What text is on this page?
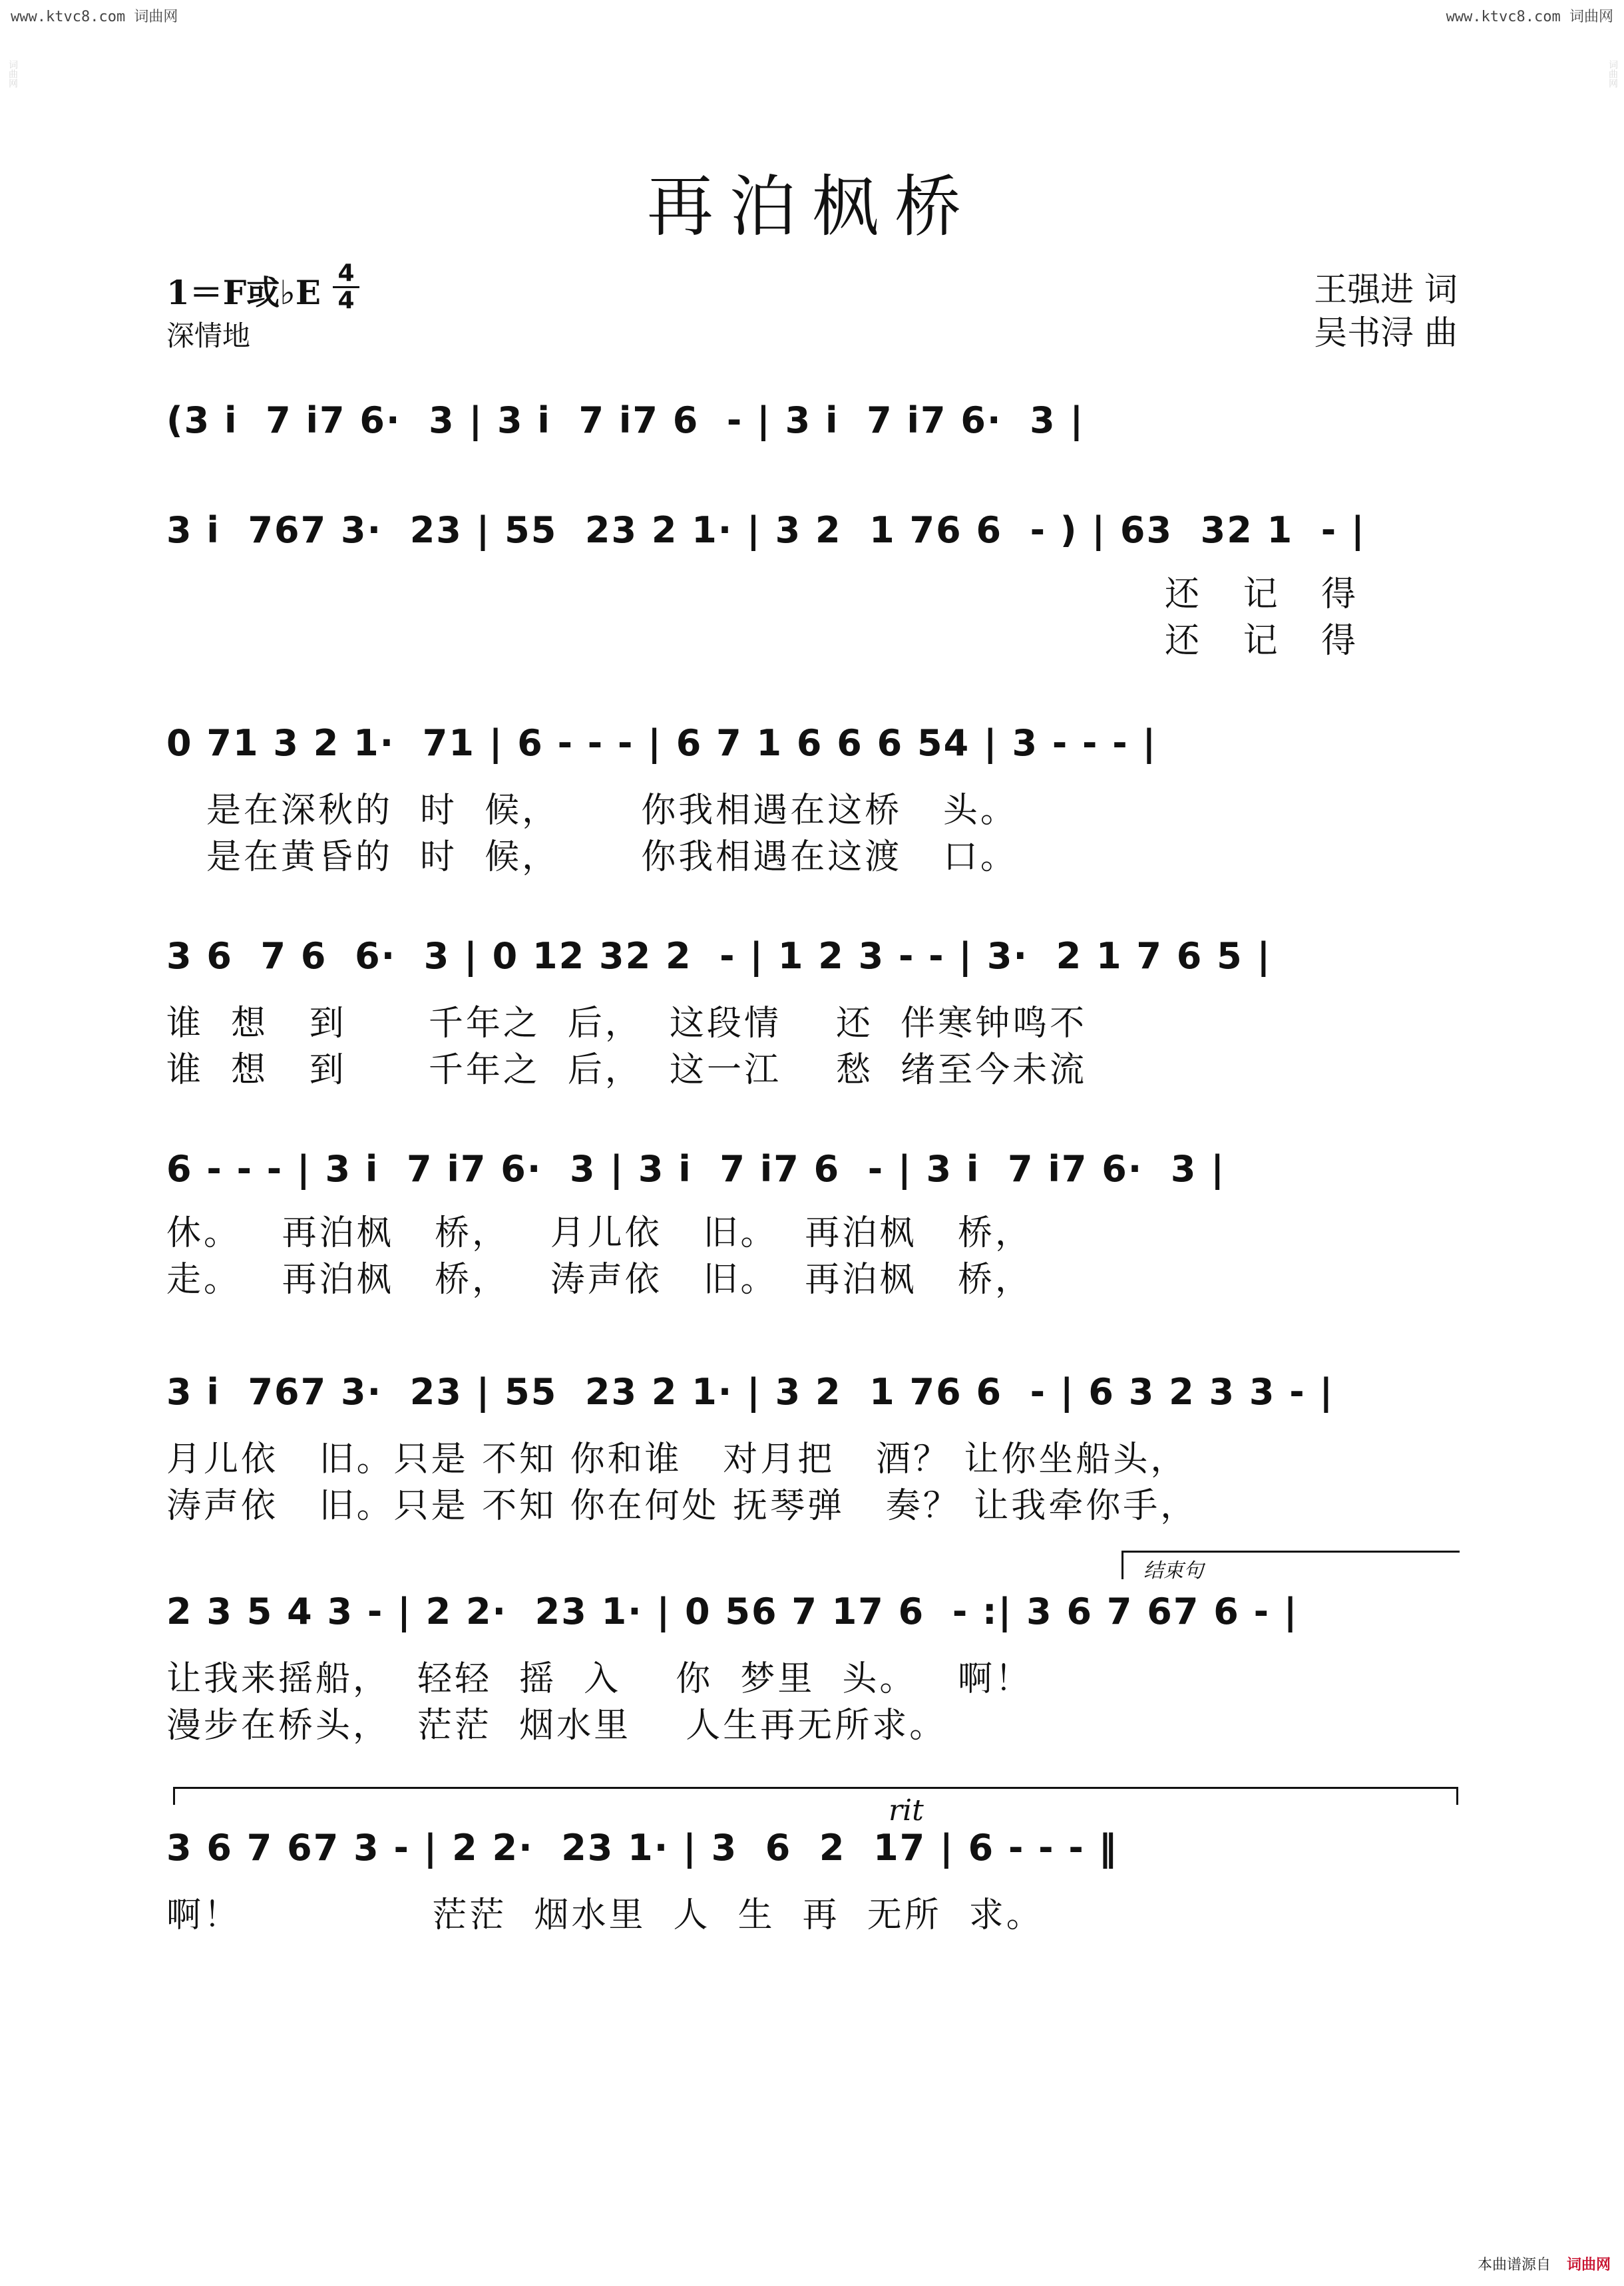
www.ktvc8.com 词曲网	www.ktvc8.com 词曲网
词曲网	词曲网
再泊枫桥
1＝F或♭E 4
4
深情地
王强进 词
吴书浔 曲
(3 i  7 i7 6·  3 | 3 i  7 i7 6  - | 3 i  7 i7 6·  3 |
3 i  767 3·  23 | 55  23 2 1· | 3 2  1 76 6  - ) | 63  32 1  - |
还   记   得
还   记   得
0 71 3 2 1·  71 | 6 - - - | 6 7 1 6 6 6 54 | 3 - - - |
是在深秋的  时  候，      你我相遇在这桥   头。
是在黄昏的  时  候，      你我相遇在这渡   口。
3 6  7 6  6·  3 | 0 12 32 2  - | 1 2 3 - - | 3·  2 1 7 6 5 |
谁  想   到      千年之  后，  这段情    还  伴寒钟鸣不
谁  想   到      千年之  后，  这一江    愁  绪至今未流
6 - - - | 3 i  7 i7 6·  3 | 3 i  7 i7 6  - | 3 i  7 i7 6·  3 |
休。   再泊枫   桥，   月儿依   旧。  再泊枫   桥，
走。   再泊枫   桥，   涛声依   旧。  再泊枫   桥，
3 i  767 3·  23 | 55  23 2 1· | 3 2  1 76 6  - | 6 3 2 3 3 - |
月儿依   旧。只是 不知 你和谁   对月把   酒？ 让你坐船头，
涛声依   旧。只是 不知 你在何处 抚琴弹   奏？ 让我牵你手，
结束句
2 3 5 4 3 - | 2 2·  23 1· | 0 56 7 17 6  - :| 3 6 7 67 6 - |
让我来摇船，  轻轻  摇  入    你  梦里  头。   啊！
漫步在桥头，  茫茫  烟水里    人生再无所求。
rit
3 6 7 67 3 - | 2 2·  23 1· | 3  6  2  17 | 6 - - - ‖
啊！              茫茫  烟水里  人  生  再  无所  求。
本曲谱源自 词曲网
